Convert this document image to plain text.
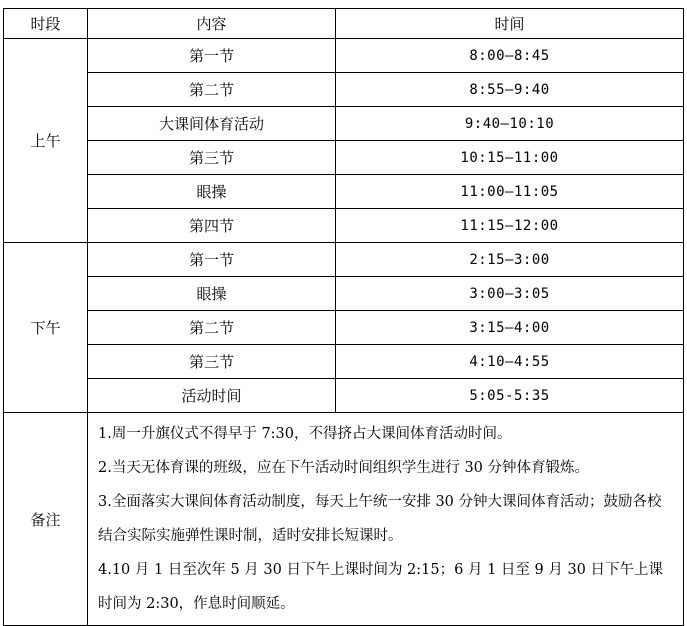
时段	内容	时间
上午	第一节	8:00—8:45
	第二节	8:55—9:40
	大课间体育活动	9:40—10:10
	第三节	10:15—11:00
	眼操	11:00—11:05
	第四节	11:15—12:00
下午	第一节	2:15—3:00
	眼操	3:00—3:05
	第二节	3:15—4:00
	第三节	4:10—4:55
	活动时间	5:05-5:35
备注	1.周一升旗仪式不得早于 7:30，不得挤占大课间体育活动时间。
2.当天无体育课的班级，应在下午活动时间组织学生进行 30 分钟体育锻炼。
3.全面落实大课间体育活动制度，每天上午统一安排 30 分钟大课间体育活动；鼓励各校结合实际实施弹性课时制，适时安排长短课时。
4.10 月 1 日至次年 5 月 30 日下午上课时间为 2:15；6 月 1 日至 9 月 30 日下午上课时间为 2:30，作息时间顺延。	
